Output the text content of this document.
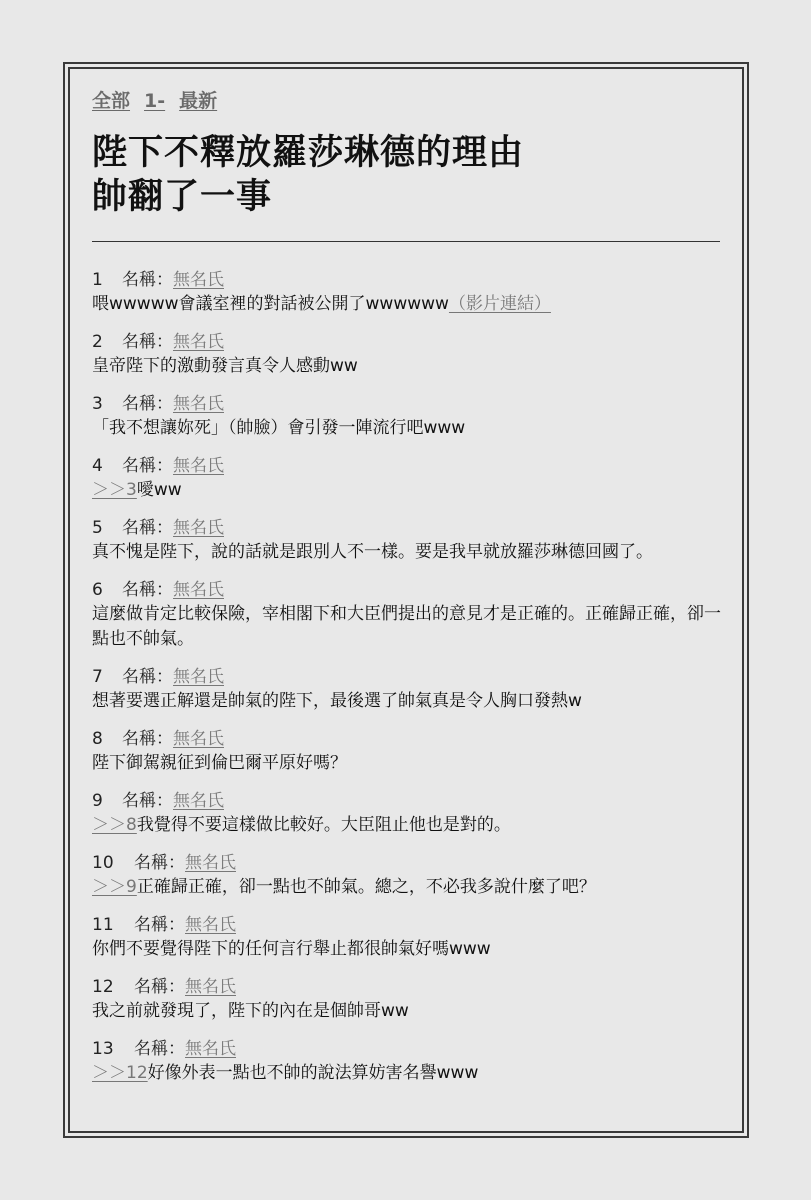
全部 1- 最新
陛下不釋放羅莎琳德的理由
帥翻了一事
1 名稱：無名氏
喂wwwww會議室裡的對話被公開了wwwwww（影片連結）
2 名稱：無名氏
皇帝陛下的激動發言真令人感動ww
3 名稱：無名氏
「我不想讓妳死」（帥臉）會引發一陣流行吧www
4 名稱：無名氏
＞＞3噯ww
5 名稱：無名氏
真不愧是陛下，說的話就是跟別人不一樣。要是我早就放羅莎琳德回國了。
6 名稱：無名氏
這麼做肯定比較保險，宰相閣下和大臣們提出的意見才是正確的。正確歸正確，卻一點也不帥氣。
7 名稱：無名氏
想著要選正解還是帥氣的陛下，最後選了帥氣真是令人胸口發熱w
8 名稱：無名氏
陛下御駕親征到倫巴爾平原好嗎？
9 名稱：無名氏
＞＞8我覺得不要這樣做比較好。大臣阻止他也是對的。
10 名稱：無名氏
＞＞9正確歸正確，卻一點也不帥氣。總之，不必我多說什麼了吧？
11 名稱：無名氏
你們不要覺得陛下的任何言行舉止都很帥氣好嗎www
12 名稱：無名氏
我之前就發現了，陛下的內在是個帥哥ww
13 名稱：無名氏
＞＞12好像外表一點也不帥的說法算妨害名譽www
